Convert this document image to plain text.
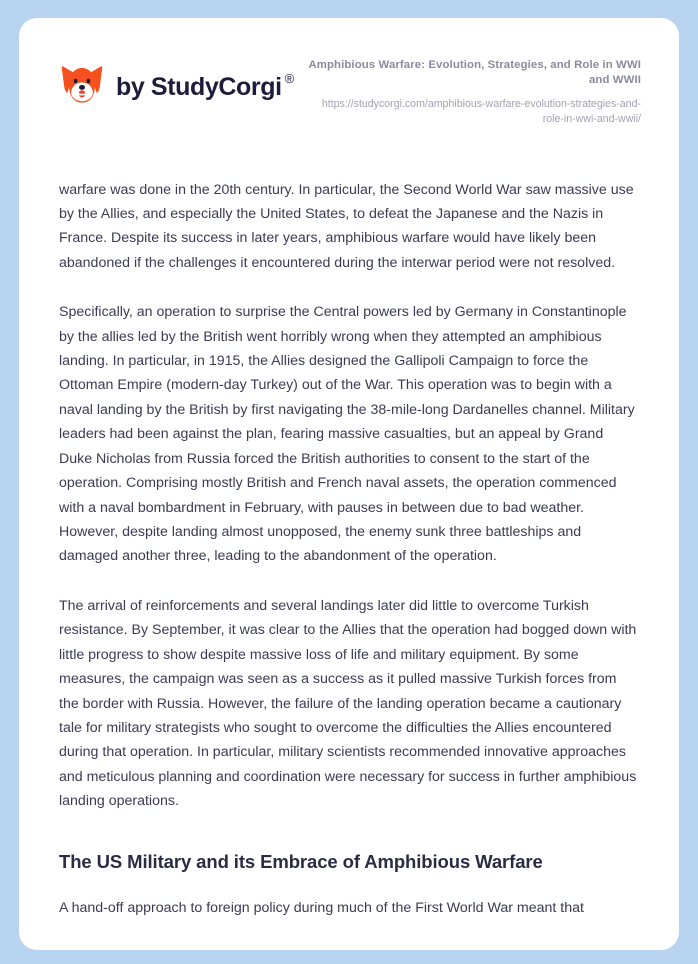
by StudyCorgi ®

Amphibious Warfare: Evolution, Strategies, and Role in WWI and WWII

https://studycorgi.com/amphibious-warfare-evolution-strategies-and-role-in-wwi-and-wwii/

warfare was done in the 20th century. In particular, the Second World War saw massive use by the Allies, and especially the United States, to defeat the Japanese and the Nazis in France. Despite its success in later years, amphibious warfare would have likely been abandoned if the challenges it encountered during the interwar period were not resolved.

Specifically, an operation to surprise the Central powers led by Germany in Constantinople by the allies led by the British went horribly wrong when they attempted an amphibious landing. In particular, in 1915, the Allies designed the Gallipoli Campaign to force the Ottoman Empire (modern-day Turkey) out of the War. This operation was to begin with a naval landing by the British by first navigating the 38-mile-long Dardanelles channel. Military leaders had been against the plan, fearing massive casualties, but an appeal by Grand Duke Nicholas from Russia forced the British authorities to consent to the start of the operation. Comprising mostly British and French naval assets, the operation commenced with a naval bombardment in February, with pauses in between due to bad weather. However, despite landing almost unopposed, the enemy sunk three battleships and damaged another three, leading to the abandonment of the operation.

The arrival of reinforcements and several landings later did little to overcome Turkish resistance. By September, it was clear to the Allies that the operation had bogged down with little progress to show despite massive loss of life and military equipment. By some measures, the campaign was seen as a success as it pulled massive Turkish forces from the border with Russia. However, the failure of the landing operation became a cautionary tale for military strategists who sought to overcome the difficulties the Allies encountered during that operation. In particular, military scientists recommended innovative approaches and meticulous planning and coordination were necessary for success in further amphibious landing operations.

The US Military and its Embrace of Amphibious Warfare

A hand-off approach to foreign policy during much of the First World War meant that
